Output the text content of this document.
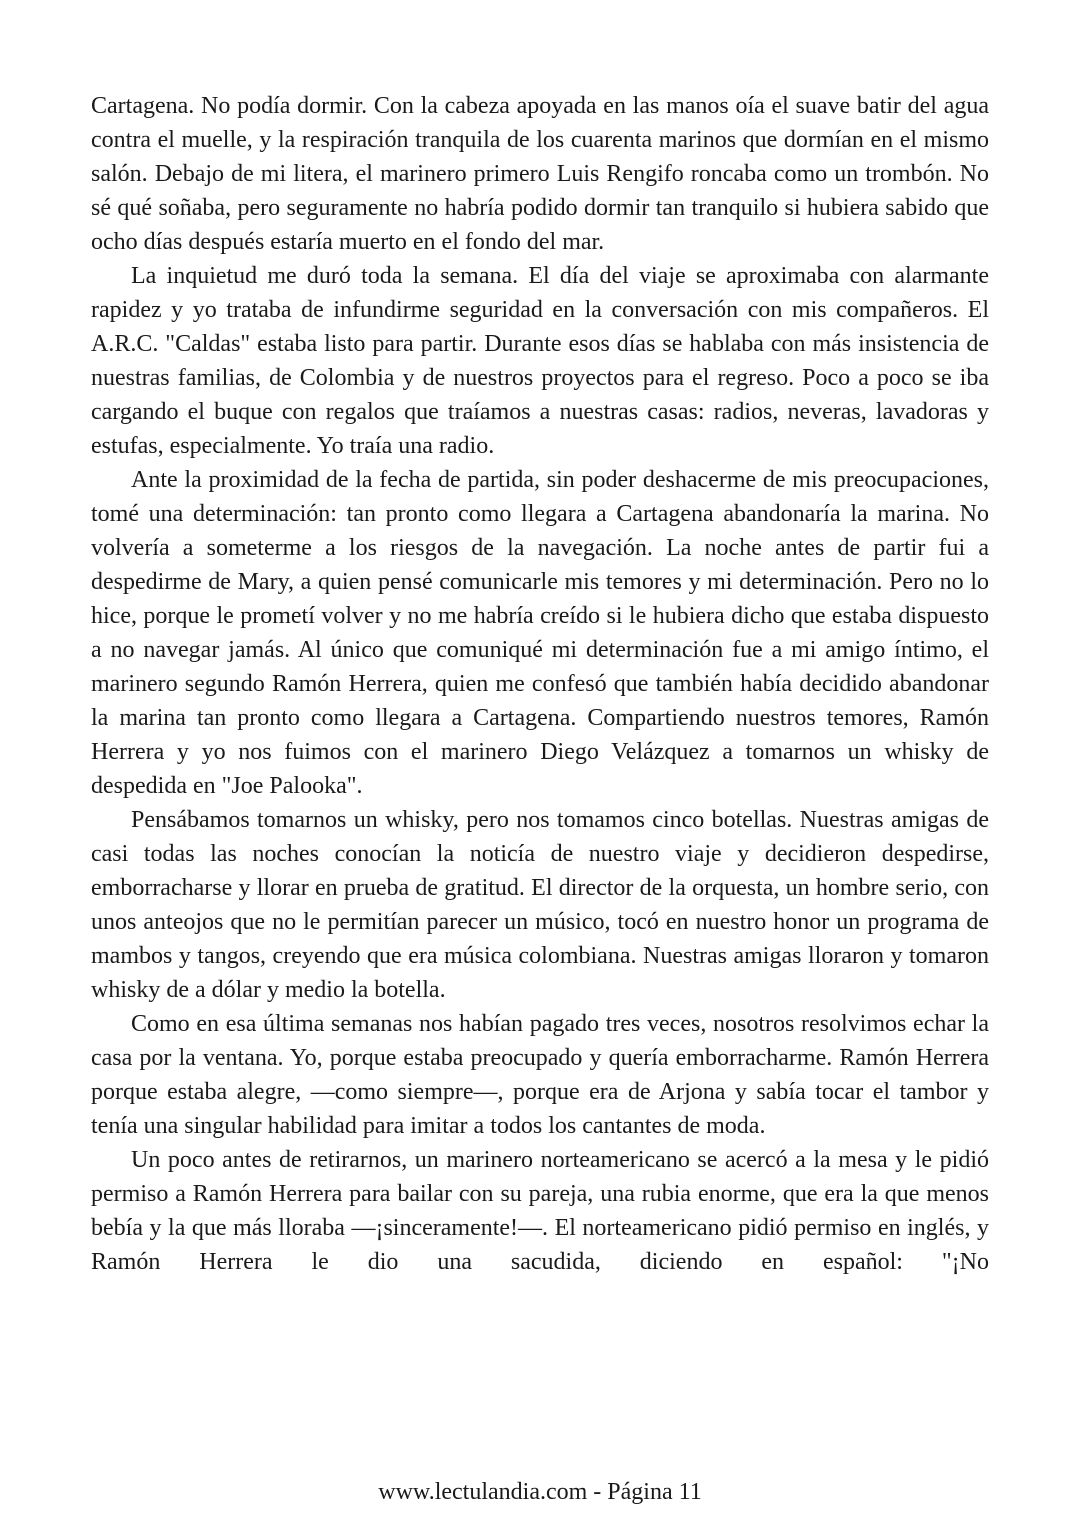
Cartagena. No podía dormir. Con la cabeza apoyada en las manos oía el suave batir del agua contra el muelle, y la respiración tranquila de los cuarenta marinos que dormían en el mismo salón. Debajo de mi litera, el marinero primero Luis Rengifo roncaba como un trombón. No sé qué soñaba, pero seguramente no habría podido dormir tan tranquilo si hubiera sabido que ocho días después estaría muerto en el fondo del mar.

La inquietud me duró toda la semana. El día del viaje se aproximaba con alarmante rapidez y yo trataba de infundirme seguridad en la conversación con mis compañeros. El A.R.C. "Caldas" estaba listo para partir. Durante esos días se hablaba con más insistencia de nuestras familias, de Colombia y de nuestros proyectos para el regreso. Poco a poco se iba cargando el buque con regalos que traíamos a nuestras casas: radios, neveras, lavadoras y estufas, especialmente. Yo traía una radio.

Ante la proximidad de la fecha de partida, sin poder deshacerme de mis preocupaciones, tomé una determinación: tan pronto como llegara a Cartagena abandonaría la marina. No volvería a someterme a los riesgos de la navegación. La noche antes de partir fui a despedirme de Mary, a quien pensé comunicarle mis temores y mi determinación. Pero no lo hice, porque le prometí volver y no me habría creído si le hubiera dicho que estaba dispuesto a no navegar jamás. Al único que comuniqué mi determinación fue a mi amigo íntimo, el marinero segundo Ramón Herrera, quien me confesó que también había decidido abandonar la marina tan pronto como llegara a Cartagena. Compartiendo nuestros temores, Ramón Herrera y yo nos fuimos con el marinero Diego Velázquez a tomarnos un whisky de despedida en "Joe Palooka".

Pensábamos tomarnos un whisky, pero nos tomamos cinco botellas. Nuestras amigas de casi todas las noches conocían la noticía de nuestro viaje y decidieron despedirse, emborracharse y llorar en prueba de gratitud. El director de la orquesta, un hombre serio, con unos anteojos que no le permitían parecer un músico, tocó en nuestro honor un programa de mambos y tangos, creyendo que era música colombiana. Nuestras amigas lloraron y tomaron whisky de a dólar y medio la botella.

Como en esa última semanas nos habían pagado tres veces, nosotros resolvimos echar la casa por la ventana. Yo, porque estaba preocupado y quería emborracharme. Ramón Herrera porque estaba alegre, —como siempre—, porque era de Arjona y sabía tocar el tambor y tenía una singular habilidad para imitar a todos los cantantes de moda.

Un poco antes de retirarnos, un marinero norteamericano se acercó a la mesa y le pidió permiso a Ramón Herrera para bailar con su pareja, una rubia enorme, que era la que menos bebía y la que más lloraba —¡sinceramente!—. El norteamericano pidió permiso en inglés, y Ramón Herrera le dio una sacudida, diciendo en español: "¡No

www.lectulandia.com - Página 11
